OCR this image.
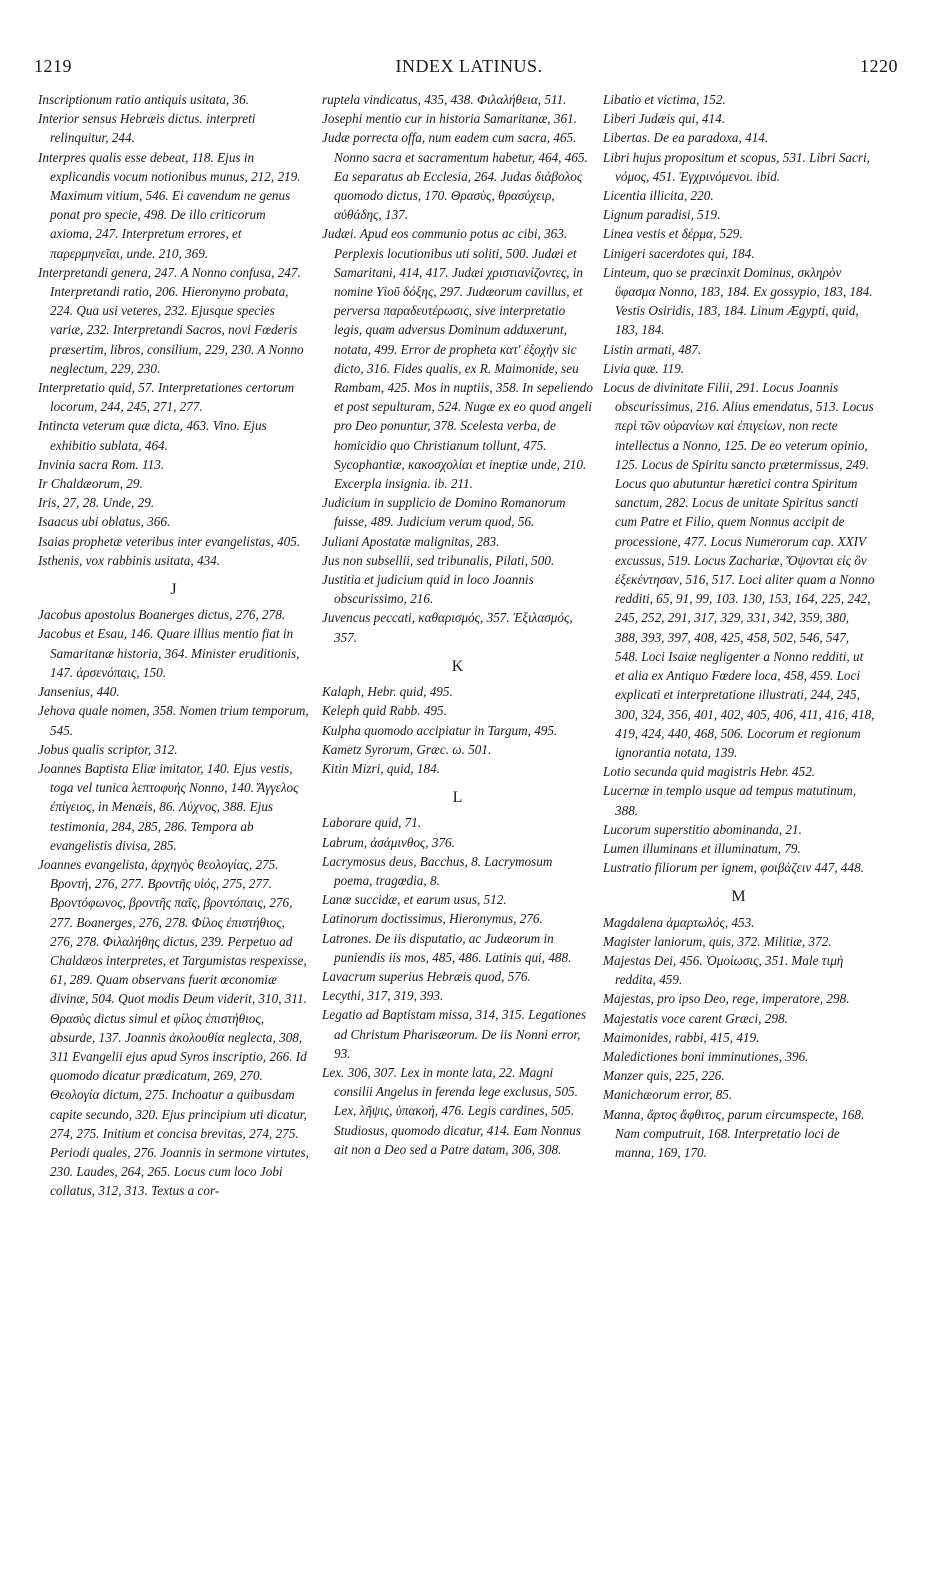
1219	INDEX LATINUS.	1220

Inscriptionum ratio antiquis usitata, 36.

Interior sensus Hebræis dictus. interpreti relinquitur, 244.

Interpres qualis esse debeat, 118. Ejus in explicandis vocum notionibus munus, 212, 219. Maximum vitium, 546. Ei cavendum ne genus ponat pro specie, 498. De illo criticorum axioma, 247. Interpretum errores, et παρερμηνεῖαι, unde. 210, 369.

Interpretandi genera, 247. A Nonno confusa, 247. Interpretandi ratio, 206. Hieronymo probata, 224. Qua usi veteres, 232. Ejusque species variæ, 232. Interpretandi Sacros, novi Fœderis præsertim, libros, consilium, 229, 230. A Nonno neglectum, 229, 230.

Interpretatio quid, 57. Interpretationes certorum locorum, 244, 245, 271, 277.

Intincta veterum quæ dicta, 463. Vino. Ejus exhibitio sublata, 464.

Invinia sacra Rom. 113.

Ir Chaldæorum, 29.

Iris, 27, 28. Unde, 29.

Isaacus ubi oblatus, 366.

Isaias prophetæ veteribus inter evangelistas, 405.

Isthenis, vox rabbinis usitata, 434.

J

Jacobus apostolus Boanerges dictus, 276, 278.

Jacobus et Esau, 146. Quare illius mentio fiat in Samaritanæ historia, 364. Minister eruditionis, 147. ἀρσενόπαις, 150.

Jansenius, 440.

Jehova quale nomen, 358. Nomen trium temporum, 545.

Jobus qualis scriptor, 312.

Joannes Baptista Eliæ imitator, 140. Ejus vestis, toga vel tunica λεπτοφυής Nonno, 140. Ἄγγελος ἐπίγειος, in Menæis, 86. Λύχνος, 388. Ejus testimonia, 284, 285, 286. Tempora ab evangelistis divisa, 285.

Joannes evangelista, ἀρχηγὸς θεολογίας, 275. Βροντή, 276, 277. Βροντῆς υἱός, 275, 277. Βροντόφωνος, βροντῆς παῖς, βροντόπαις, 276, 277. Boanerges, 276, 278. Φίλος ἐπιστήθιος, 276, 278. Φιλαλήθης dictus, 239. Perpetuo ad Chaldæos interpretes, et Targumistas respexisse, 61, 289. Quam observans fuerit œconomiæ divinæ, 504. Quot modis Deum viderit, 310, 311. Θρασὺς dictus simul et φίλος ἐπιστήθιος, absurde, 137. Joannis ἀκολουθία neglecta, 308, 311 Evangelii ejus apud Syros inscriptio, 266. Id quomodo dicatur prædicatum, 269, 270. Θεολογία dictum, 275. Inchoatur a quibusdam capite secundo, 320. Ejus principium uti dicatur, 274, 275. Initium et concisa brevitas, 274, 275. Periodi quales, 276. Joannis in sermone virtutes, 230. Laudes, 264, 265. Locus cum loco Jobi collatus, 312, 313. Textus a cor-

ruptela vindicatus, 435, 438. Φιλαλήθεια, 511.

Josephi mentio cur in historia Samaritanæ, 361.

Judæ porrecta offa, num eadem cum sacra, 465. Nonno sacra et sacramentum habetur, 464, 465. Ea separatus ab Ecclesia, 264. Judas διάβολος quomodo dictus, 170. Θρασὺς, θρασύχειρ, αὐθάδης, 137.

Judæi. Apud eos communio potus ac cibi, 363. Perplexis locutionibus uti soliti, 500. Judæi et Samaritani, 414, 417. Judæi χριστιανίζοντες, in nomine Υἱοῦ δόξης, 297. Judæorum cavillus, et perversa παραδευτέρωσις, sive interpretatio legis, quam adversus Dominum adduxerunt, notata, 499. Error de propheta κατ' ἐξοχὴν sic dicto, 316. Fides qualis, ex R. Maimonide, seu Rambam, 425. Mos in nuptiis, 358. In sepeliendo et post sepulturam, 524. Nugæ ex eo quod angeli pro Deo ponuntur, 378. Scelesta verba, de homicidio quo Christianum tollunt, 475. Sycophantiæ, κακοσχολίαι et ineptiæ unde, 210. Excerpla insignia. ib. 211.

Judicium in supplicio de Domino Romanorum fuisse, 489. Judicium verum quod, 56.

Juliani Apostatæ malignitas, 283.

Jus non subsellii, sed tribunalis, Pilati, 500.

Justitia et judicium quid in loco Joannis obscurissimo, 216.

Juvencus peccati, καθαρισμός, 357. Ἐξιλασμός, 357.

K

Kalaph, Hebr. quid, 495.

Keleph quid Rabb. 495.

Kulpha quomodo accipiatur in Targum, 495.

Kametz Syrorum, Græc. ω. 501.

Kitin Mizri, quid, 184.

L

Laborare quid, 71.

Labrum, ἀσάμινθος, 376.

Lacrymosus deus, Bacchus, 8. Lacrymosum poema, tragœdia, 8.

Lanæ succidæ, et earum usus, 512.

Latinorum doctissimus, Hieronymus, 276.

Latrones. De iis disputatio, ac Judæorum in puniendis iis mos, 485, 486. Latinis qui, 488.

Lavacrum superius Hebræis quod, 576.

Lecythi, 317, 319, 393.

Legatio ad Baptistam missa, 314, 315. Legationes ad Christum Pharisæorum. De iis Nonni error, 93.

Lex. 306, 307. Lex in monte lata, 22. Magni consilii Angelus in ferenda lege exclusus, 505. Lex, λῆψις, ὑπακοή, 476. Legis cardines, 505. Studiosus, quomodo dicatur, 414. Eam Nonnus ait non a Deo sed a Patre datam, 306, 308.

Libatio et victima, 152.

Liberi Judæis qui, 414.

Libertas. De ea paradoxa, 414.

Libri hujus propositum et scopus, 531. Libri Sacri, νόμος, 451. Ἐγχρινόμενοι. ibid.

Licentia illicita, 220.

Lignum paradisi, 519.

Linea vestis et δέρμα, 529.

Linigeri sacerdotes qui, 184.

Linteum, quo se præcinxit Dominus, σκληρὸν ὕφασμα Nonno, 183, 184. Ex gossypio, 183, 184. Vestis Osiridis, 183, 184. Linum Ægypti, quid, 183, 184.

Listin armati, 487.

Livia quæ. 119.

Locus de divinitate Filii, 291. Locus Joannis obscurissimus, 216. Alius emendatus, 513. Locus περὶ τῶν οὐρανίων καὶ ἐπιγείων, non recte intellectus a Nonno, 125. De eo veterum opinio, 125. Locus de Spiritu sancto prætermissus, 249. Locus quo abutuntur hæretici contra Spiritum sanctum, 282. Locus de unitate Spiritus sancti cum Patre et Filio, quem Nonnus accipit de processione, 477. Locus Numerorum cap. XXIV excussus, 519. Locus Zachariæ, Ὄψονται εἰς ὃν ἐξεκέντησαν, 516, 517. Loci aliter quam a Nonno redditi, 65, 91, 99, 103. 130, 153, 164, 225, 242, 245, 252, 291, 317, 329, 331, 342, 359, 380, 388, 393, 397, 408, 425, 458, 502, 546, 547, 548. Loci Isaiæ negligenter a Nonno redditi, ut et alia ex Antiquo Fœdere loca, 458, 459. Loci explicati et interpretatione illustrati, 244, 245, 300, 324, 356, 401, 402, 405, 406, 411, 416, 418, 419, 424, 440, 468, 506. Locorum et regionum ignorantia notata, 139.

Lotio secunda quid magistris Hebr. 452.

Lucernæ in templo usque ad tempus matutinum, 388.

Lucorum superstitio abominanda, 21.

Lumen illuminans et illuminatum, 79.

Lustratio filiorum per ignem, φοιβάζειν 447, 448.

M

Magdalena ἁμαρτωλός, 453.

Magister laniorum, quis, 372. Militiæ, 372.

Majestas Dei, 456. Ὁμοίωσις, 351. Male τιμὴ reddita, 459.

Majestas, pro ipso Deo, rege, imperatore, 298.

Majestatis voce carent Græci, 298.

Maimonides, rabbi, 415, 419.

Maledictiones boni imminutiones, 396.

Manzer quis, 225, 226.

Manichæorum error, 85.

Manna, ἄρτος ἄφθιτος, parum circumspecte, 168. Nam computruit, 168. Interpretatio loci de manna, 169, 170.
